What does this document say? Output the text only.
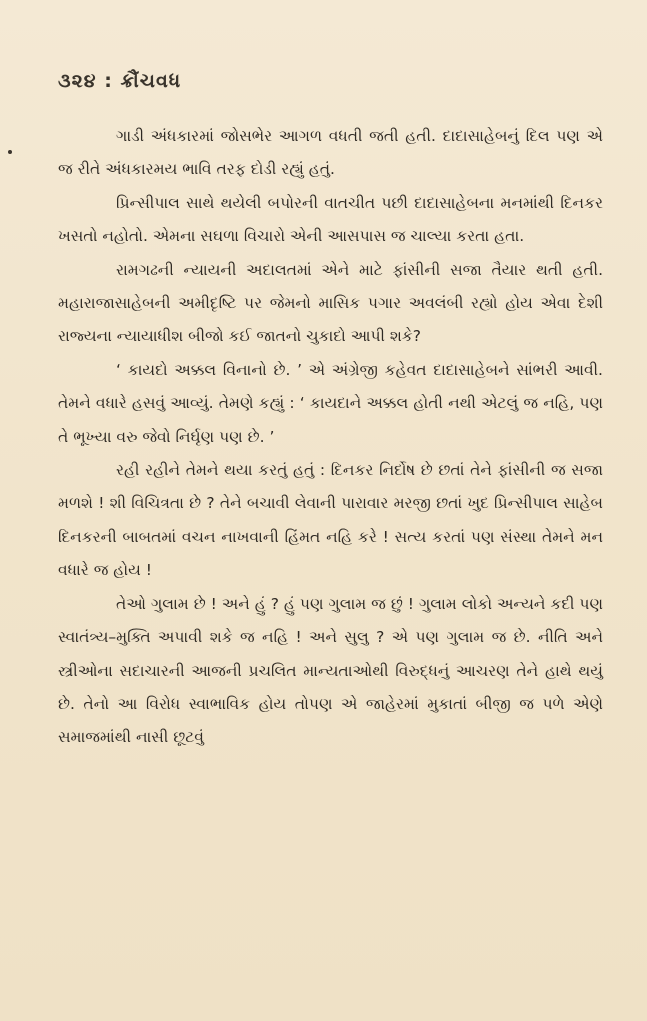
૩૨૪ : ક્રૌંચવધ

ગાડી અંધકારમાં જોસભેર આગળ વધતી જતી હતી. દાદાસાહેબનું દિલ પણ એ જ રીતે અંધકારમય ભાવિ તરફ દોડી રહ્યું હતું.

પ્રિન્સીપાલ સાથે થયેલી બપોરની વાતચીત પછી દાદાસાહેબના મનમાંથી દિનકર ખસતો નહોતો. એમના સઘળા વિચારો એની આસપાસ જ ચાલ્યા કરતા હતા.

રામગઢની ન્યાયની અદાલતમાં એને માટે ફાંસીની સજા તૈયાર થતી હતી. મહારાજાસાહેબની અમીદૃષ્ટિ પર જેમનો માસિક પગાર અવલંબી રહ્યો હોય એવા દેશી રાજ્યના ન્યાયાધીશ બીજો કઈ જાતનો ચુકાદો આપી શકે?

‘ કાયદો અક્કલ વિનાનો છે. ’ એ અંગ્રેજી કહેવત દાદાસાહેબને સાંભરી આવી. તેમને વધારે હસવું આવ્યું. તેમણે કહ્યું : ‘ કાયદાને અક્કલ હોતી નથી એટલું જ નહિ, પણ તે ભૂખ્યા વરુ જેવો નિર્ઘૃણ પણ છે. ’

રહી રહીને તેમને થયા કરતું હતું : દિનકર નિર્દોષ છે છતાં તેને ફાંસીની જ સજા મળશે ! શી વિચિત્રતા છે ? તેને બચાવી લેવાની પારાવાર મરજી છતાં ખુદ પ્રિન્સીપાલ સાહેબ દિનકરની બાબતમાં વચન નાખવાની હિંમત નહિ કરે ! સત્ય કરતાં પણ સંસ્થા તેમને મન વધારે જ હોય !

તેઓ ગુલામ છે ! અને હું ? હું પણ ગુલામ જ છું ! ગુલામ લોકો અન્યને કદી પણ સ્વાતંત્ર્ય–મુક્તિ અપાવી શકે જ નહિ ! અને સુલુ ? એ પણ ગુલામ જ છે. નીતિ અને સ્ત્રીઓના સદાચારની આજની પ્રચલિત માન્યતાઓથી વિરુદ્ધનું આચરણ તેને હાથે થયું છે. તેનો આ વિરોધ સ્વાભાવિક હોય તોપણ એ જાહેરમાં મુકાતાં બીજી જ પળે એણે સમાજમાંથી નાસી છૂટવું
